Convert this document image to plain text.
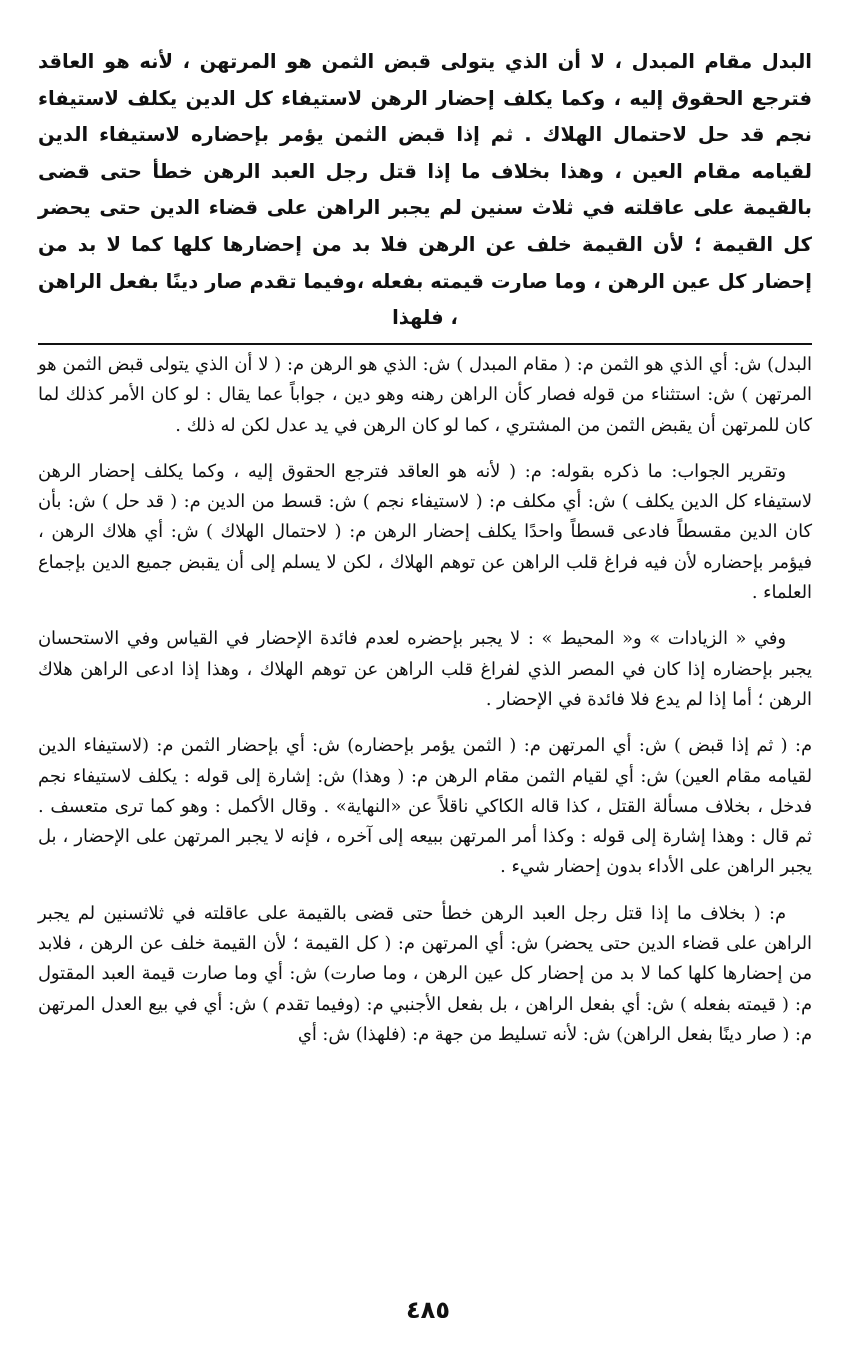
البدل مقام المبدل ، لا أن الذي يتولى قبض الثمن هو المرتهن ، لأنه هو العاقد فترجع الحقوق إليه ، وكما يكلف إحضار الرهن لاستيفاء كل الدين يكلف لاستيفاء نجم قد حل لاحتمال الهلاك . ثم إذا قبض الثمن يؤمر بإحضاره لاستيفاء الدين لقيامه مقام العين ، وهذا بخلاف ما إذا قتل رجل العبد الرهن خطأ حتى قضى بالقيمة على عاقلته في ثلاث سنين لم يجبر الراهن على قضاء الدين حتى يحضر كل القيمة ؛ لأن القيمة خلف عن الرهن فلا بد من إحضارها كلها كما لا بد من إحضار كل عين الرهن ، وما صارت قيمته بفعله ،وفيما تقدم صار دينًا بفعل الراهن ، فلهذا

البدل) ش: أي الذي هو الثمن م: ( مقام المبدل ) ش: الذي هو الرهن م: ( لا أن الذي يتولى قبض الثمن هو المرتهن ) ش: استثناء من قوله فصار كأن الراهن رهنه وهو دين ، جواباً عما يقال : لو كان الأمر كذلك لما كان للمرتهن أن يقبض الثمن من المشتري ، كما لو كان الرهن في يد عدل لكن له ذلك .

وتقرير الجواب: ما ذكره بقوله: م: ( لأنه هو العاقد فترجع الحقوق إليه ، وكما يكلف إحضار الرهن لاستيفاء كل الدين يكلف ) ش: أي مكلف م: ( لاستيفاء نجم ) ش: قسط من الدين م: ( قد حل ) ش: بأن كان الدين مقسطاً فادعى قسطاً واحدًا يكلف إحضار الرهن م: ( لاحتمال الهلاك ) ش: أي هلاك الرهن ، فيؤمر بإحضاره لأن فيه فراغ قلب الراهن عن توهم الهلاك ، لكن لا يسلم إلى أن يقبض جميع الدين بإجماع العلماء .

وفي « الزيادات » و« المحيط » : لا يجبر بإحضره لعدم فائدة الإحضار في القياس وفي الاستحسان يجبر بإحضاره إذا كان في المصر الذي لفراغ قلب الراهن عن توهم الهلاك ، وهذا إذا ادعى الراهن هلاك الرهن ؛ أما إذا لم يدع فلا فائدة في الإحضار .

م: ( ثم إذا قبض ) ش: أي المرتهن م: ( الثمن يؤمر بإحضاره) ش: أي بإحضار الثمن م: (لاستيفاء الدين لقيامه مقام العين) ش: أي لقيام الثمن مقام الرهن م: ( وهذا) ش: إشارة إلى قوله : يكلف لاستيفاء نجم فدخل ، بخلاف مسألة القتل ، كذا قاله الكاكي ناقلاً عن «النهاية» . وقال الأكمل : وهو كما ترى متعسف . ثم قال : وهذا إشارة إلى قوله : وكذا أمر المرتهن ببيعه إلى آخره ، فإنه لا يجبر المرتهن على الإحضار ، بل يجبر الراهن على الأداء بدون إحضار شيء .

م: ( بخلاف ما إذا قتل رجل العبد الرهن خطأ حتى قضى بالقيمة على عاقلته في ثلاثسنين لم يجبر الراهن على قضاء الدين حتى يحضر) ش: أي المرتهن م: ( كل القيمة ؛ لأن القيمة خلف عن الرهن ، فلابد من إحضارها كلها كما لا بد من إحضار كل عين الرهن ، وما صارت) ش: أي وما صارت قيمة العبد المقتول م: ( قيمته بفعله ) ش: أي بفعل الراهن ، بل بفعل الأجنبي م: (وفيما تقدم ) ش: أي في بيع العدل المرتهن م: ( صار دينًا بفعل الراهن) ش: لأنه تسليط من جهة م: (فلهذا) ش: أي

٤٨٥
